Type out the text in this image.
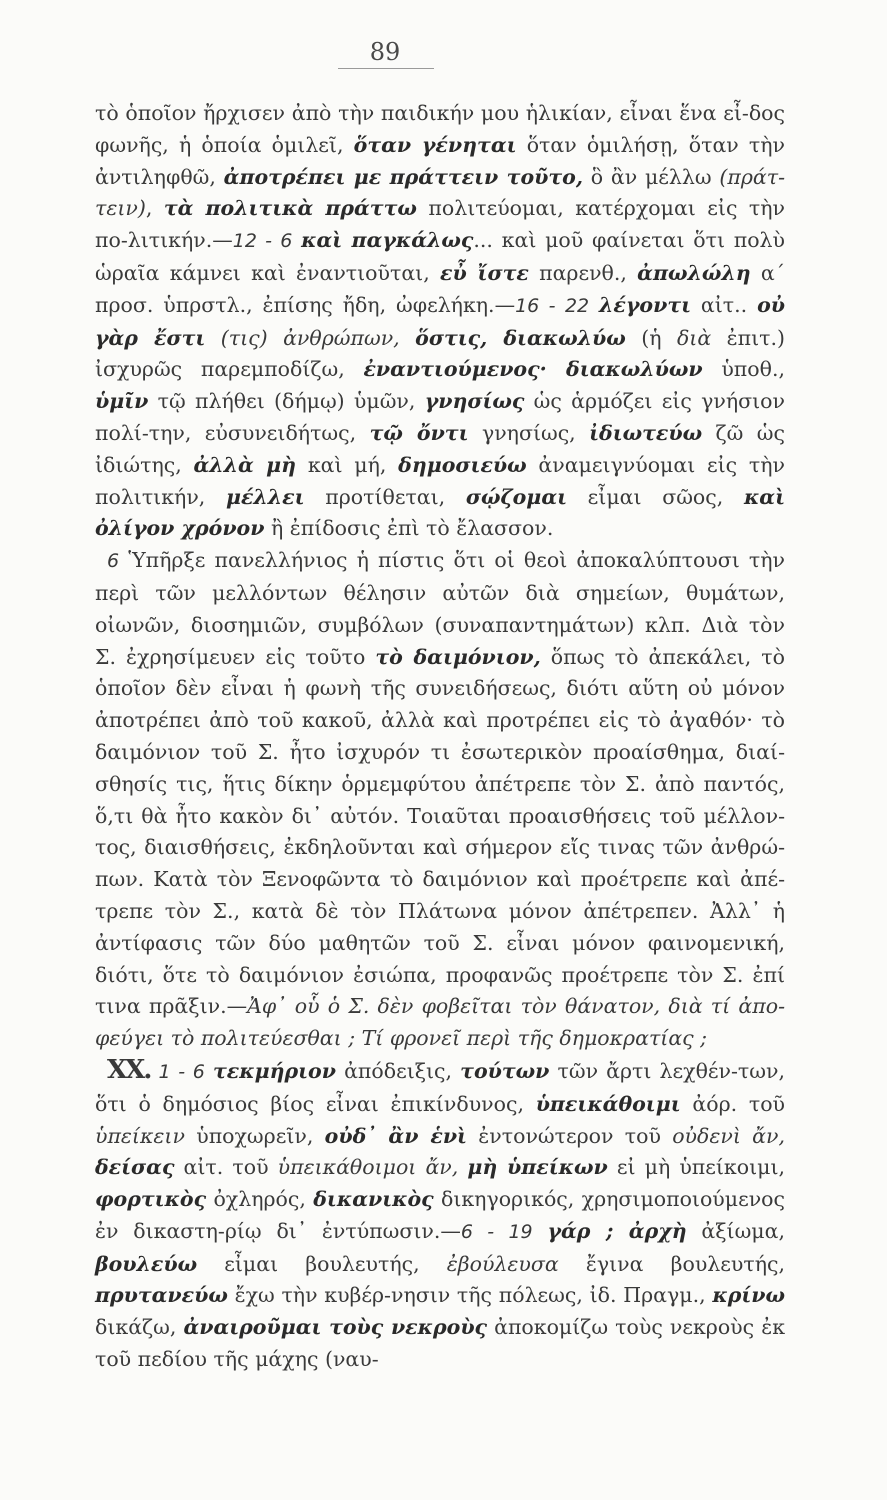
89

τὸ ὁποῖον ἤρχισεν ἀπὸ τὴν παιδικήν μου ἡλικίαν, εἶναι ἕνα εἶ-δος φωνῆς, ἡ ὁποία ὁμιλεῖ, ὅταν γένηται ὅταν ὁμιλήσῃ, ὅταν τὴν ἀντιληφθῶ, ἀποτρέπει με πράττειν τοῦτο, ὃ ἂν μέλλω (πράτ-τειν), τὰ πολιτικὰ πράττω πολιτεύομαι, κατέρχομαι εἰς τὴν πο-λιτικήν.—12 - 6 καὶ παγκάλως... καὶ μοῦ φαίνεται ὅτι πολὺ ὡραῖα κάμνει καὶ ἐναντιοῦται, εὖ ἴστε παρενθ., ἀπωλώλη α΄ προσ. ὑπρστλ., ἐπίσης ἤδη, ὠφελήκη.—16 - 22 λέγοντι αἰτ.. οὐ γὰρ ἔστι (τις) ἀνθρώπων, ὅστις, διακωλύω (ἡ διὰ ἐπιτ.) ἰσχυρῶς παρεμποδίζω, ἐναντιούμενος· διακωλύων ὑποθ., ὑμῖν τῷ πλήθει (δήμῳ) ὑμῶν, γνησίως ὡς ἁρμόζει εἰς γνήσιον πολί-την, εὐσυνειδήτως, τῷ ὄντι γνησίως, ἰδιωτεύω ζῶ ὡς ἰδιώτης, ἀλλὰ μὴ καὶ μή, δημοσιεύω ἀναμειγνύομαι εἰς τὴν πολιτικήν, μέλλει προτίθεται, σῴζομαι εἶμαι σῶος, καὶ ὀλίγον χρόνον ἢ ἐπίδοσις ἐπὶ τὸ ἔλασσον.

6 Ὑπῆρξε πανελλήνιος ἡ πίστις ὅτι οἱ θεοὶ ἀποκαλύπτουσι τὴν περὶ τῶν μελλόντων θέλησιν αὐτῶν διὰ σημείων, θυμάτων, οἰωνῶν, διοσημιῶν, συμβόλων (συναπαντημάτων) κλπ. Διὰ τὸν Σ. ἐχρησίμευεν εἰς τοῦτο τὸ δαιμόνιον, ὅπως τὸ ἀπεκάλει, τὸ ὁποῖον δὲν εἶναι ἡ φωνὴ τῆς συνειδήσεως, διότι αὕτη οὐ μόνον ἀποτρέπει ἀπὸ τοῦ κακοῦ, ἀλλὰ καὶ προτρέπει εἰς τὸ ἀγαθόν· τὸ δαιμόνιον τοῦ Σ. ἦτο ἰσχυρόν τι ἐσωτερικὸν προαίσθημα, διαί-σθησίς τις, ἥτις δίκην ὁρμεμφύτου ἀπέτρεπε τὸν Σ. ἀπὸ παντός, ὅ,τι θὰ ἦτο κακὸν δι᾿ αὐτόν. Τοιαῦται προαισθήσεις τοῦ μέλλον-τος, διαισθήσεις, ἐκδηλοῦνται καὶ σήμερον εἴς τινας τῶν ἀνθρώ-πων. Κατὰ τὸν Ξενοφῶντα τὸ δαιμόνιον καὶ προέτρεπε καὶ ἀπέ-τρεπε τὸν Σ., κατὰ δὲ τὸν Πλάτωνα μόνον ἀπέτρεπεν. Ἀλλ᾿ ἡ ἀντίφασις τῶν δύο μαθητῶν τοῦ Σ. εἶναι μόνον φαινομενική, διότι, ὅτε τὸ δαιμόνιον ἐσιώπα, προφανῶς προέτρεπε τὸν Σ. ἐπί τινα πρᾶξιν.—Ἀφ᾿ οὗ ὁ Σ. δὲν φοβεῖται τὸν θάνατον, διὰ τί ἀπο-φεύγει τὸ πολιτεύεσθαι ; Τί φρονεῖ περὶ τῆς δημοκρατίας ;

XX. 1 - 6 τεκμήριον ἀπόδειξις, τούτων τῶν ἄρτι λεχθέν-των, ὅτι ὁ δημόσιος βίος εἶναι ἐπικίνδυνος, ὑπεικάθοιμι ἀόρ. τοῦ ὑπείκειν ὑποχωρεῖν, οὐδ᾿ ἂν ἑνὶ ἐντονώτερον τοῦ οὐδενὶ ἄν, δείσας αἰτ. τοῦ ὑπεικάθοιμοι ἄν, μὴ ὑπείκων εἰ μὴ ὑπείκοιμι, φορτικὸς ὀχληρός, δικανικὸς δικηγορικός, χρησιμοποιούμενος ἐν δικαστη-ρίῳ δι᾿ ἐντύπωσιν.—6 - 19 γάρ ; ἀρχὴ ἀξίωμα, βουλεύω εἶμαι βουλευτής, ἐβούλευσα ἔγινα βουλευτής, πρυτανεύω ἔχω τὴν κυβέρ-νησιν τῆς πόλεως, ἰδ. Πραγμ., κρίνω δικάζω, ἀναιροῦμαι τοὺς νεκροὺς ἀποκομίζω τοὺς νεκροὺς ἐκ τοῦ πεδίου τῆς μάχης (ναυ-
